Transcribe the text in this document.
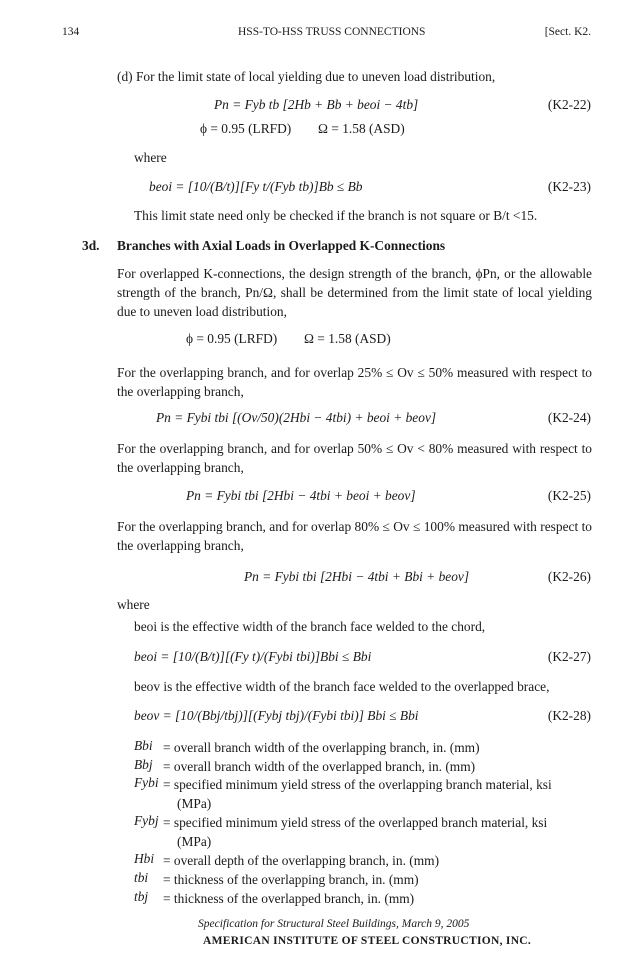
134	HSS-TO-HSS TRUSS CONNECTIONS	[Sect. K2.
(d) For the limit state of local yielding due to uneven load distribution,
Pn = Fyb tb [2Hb + Bb + beoi − 4tb]	(K2-22)
ϕ = 0.95 (LRFD)        Ω = 1.58 (ASD)
where
beoi = [10/(B/t)][Fy t/(Fyb tb)]Bb ≤ Bb	(K2-23)
This limit state need only be checked if the branch is not square or B/t <15.
3d. Branches with Axial Loads in Overlapped K-Connections
For overlapped K-connections, the design strength of the branch, ϕPn, or the allowable strength of the branch, Pn/Ω, shall be determined from the limit state of local yielding due to uneven load distribution,
ϕ = 0.95 (LRFD)        Ω = 1.58 (ASD)
For the overlapping branch, and for overlap 25% ≤ Ov ≤ 50% measured with respect to the overlapping branch,
Pn = Fybi tbi [(Ov/50)(2Hbi − 4tbi) + beoi + beov]	(K2-24)
For the overlapping branch, and for overlap 50% ≤ Ov < 80% measured with respect to the overlapping branch,
Pn = Fybi tbi [2Hbi − 4tbi + beoi + beov]	(K2-25)
For the overlapping branch, and for overlap 80% ≤ Ov ≤ 100% measured with respect to the overlapping branch,
Pn = Fybi tbi [2Hbi − 4tbi + Bbi + beov]	(K2-26)
where
beoi is the effective width of the branch face welded to the chord,
beoi = [10/(B/t)][(Fy t)/(Fybi tbi)]Bbi ≤ Bbi	(K2-27)
beov is the effective width of the branch face welded to the overlapped brace,
beov = [10/(Bbj/tbj)][(Fybj tbj)/(Fybi tbi)] Bbi ≤ Bbi	(K2-28)
Bbi = overall branch width of the overlapping branch, in. (mm)
Bbj = overall branch width of the overlapped branch, in. (mm)
Fybi = specified minimum yield stress of the overlapping branch material, ksi
(MPa)
Fybj = specified minimum yield stress of the overlapped branch material, ksi
(MPa)
Hbi = overall depth of the overlapping branch, in. (mm)
tbi = thickness of the overlapping branch, in. (mm)
tbj = thickness of the overlapped branch, in. (mm)
Specification for Structural Steel Buildings, March 9, 2005
AMERICAN INSTITUTE OF STEEL CONSTRUCTION, INC.
